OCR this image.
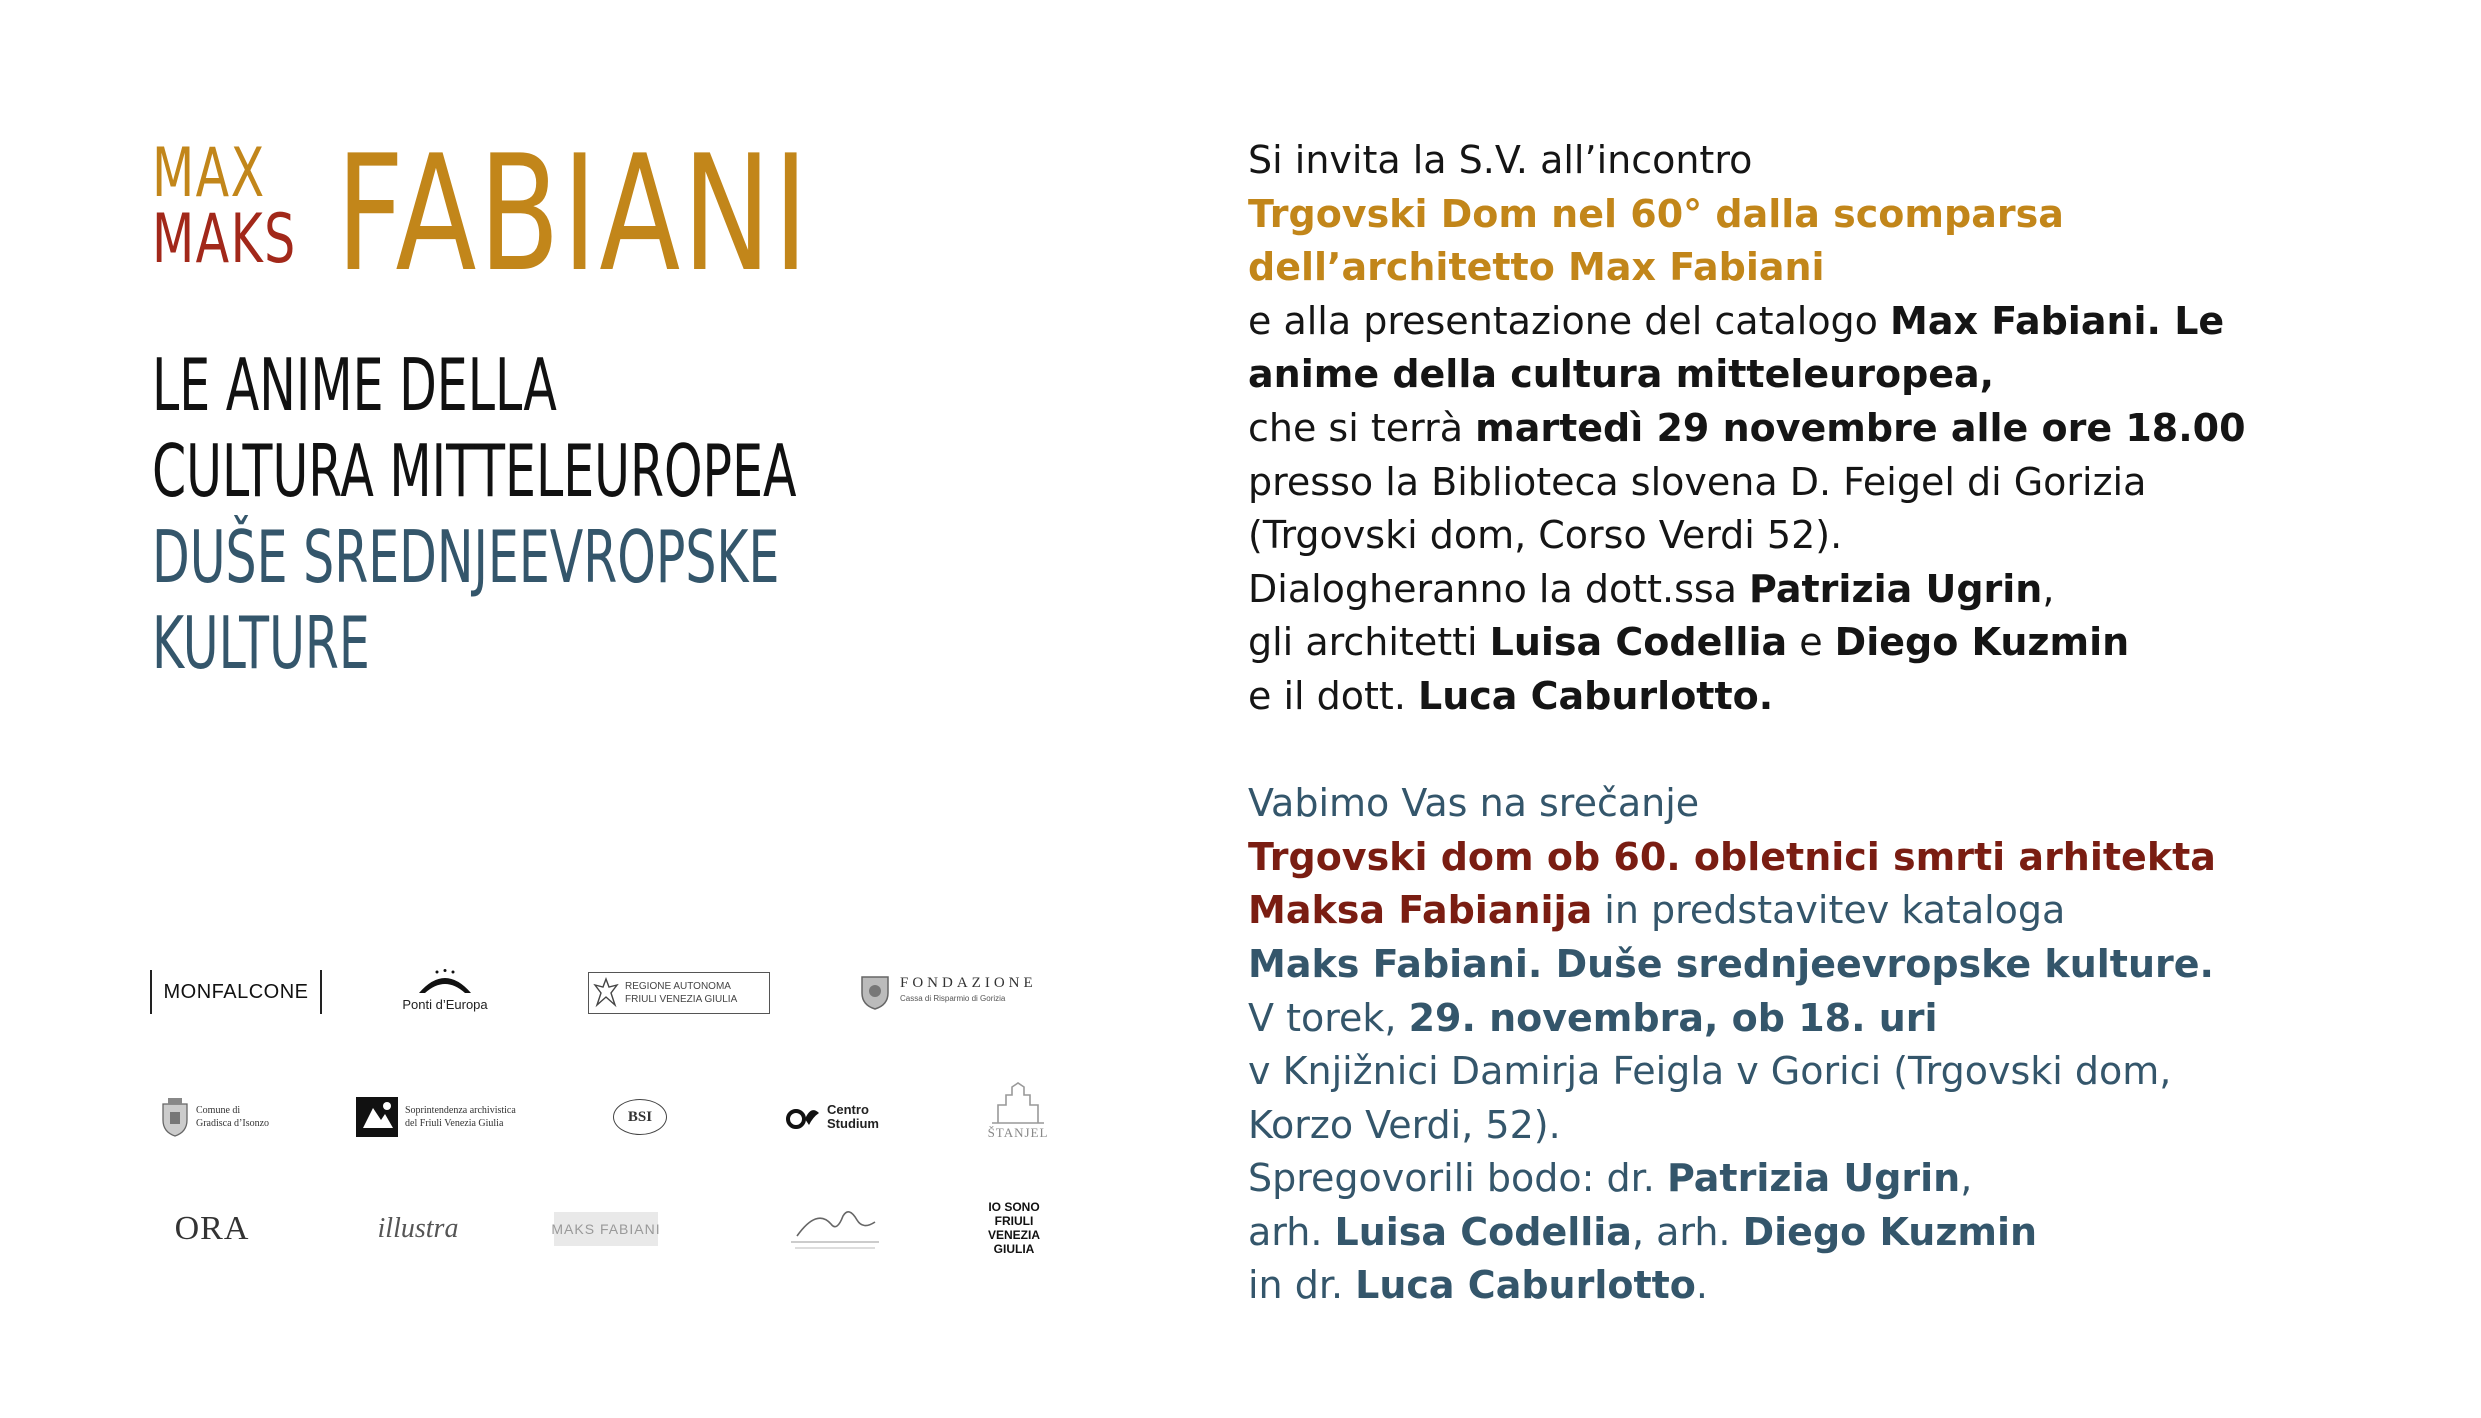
MAX
MAKS FABIANI
LE ANIME DELLA
CULTURA MITTELEUROPEA
DUŠE SREDNJEEVROPSKE
KULTURE
MONFALCONE
Ponti d’Europa
REGIONE AUTONOMA
FRIULI VENEZIA GIULIA
FONDAZIONE
Cassa di Risparmio di Gorizia
Comune di
Gradisca d’Isonzo
Soprintendenza archivistica
del Friuli Venezia Giulia	BSI	Centro
Studium
ŠTANJEL
ORA	illustra	MAKS FABIANI
IO SONO
FRIULI
VENEZIA
GIULIA

Si invita la S.V. all’incontro

Trgovski Dom nel 60° dalla scomparsa

dell’architetto Max Fabiani

e alla presentazione del catalogo Max Fabiani. Le

anime della cultura mitteleuropea,

che si terrà martedì 29 novembre alle ore 18.00

presso la Biblioteca slovena D. Feigel di Gorizia

(Trgovski dom, Corso Verdi 52).

Dialogheranno la dott.ssa Patrizia Ugrin,

gli architetti Luisa Codellia e Diego Kuzmin

e il dott. Luca Caburlotto.

Vabimo Vas na srečanje

Trgovski dom ob 60. obletnici smrti arhitekta

Maksa Fabianija in predstavitev kataloga

Maks Fabiani. Duše srednjeevropske kulture.

V torek, 29. novembra, ob 18. uri

v Knjižnici Damirja Feigla v Gorici (Trgovski dom,

Korzo Verdi, 52).

Spregovorili bodo: dr. Patrizia Ugrin,

arh. Luisa Codellia, arh. Diego Kuzmin

in dr. Luca Caburlotto.
